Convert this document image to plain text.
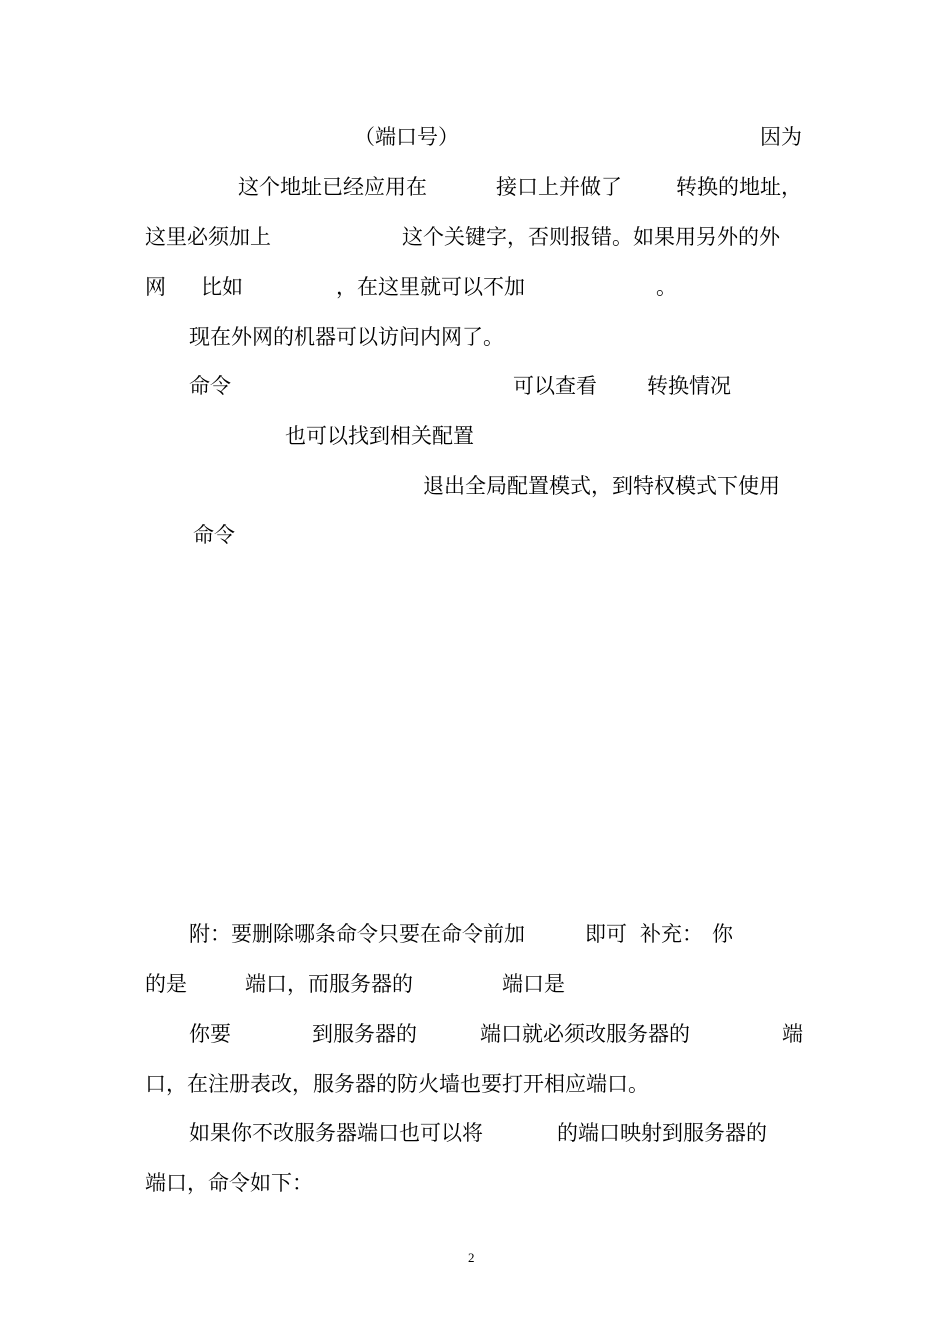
（端口号）	因为
这个地址已经应用在	接口上并做了	转换的地址，
这里必须加上	这个关键字，否则报错。如果用另外的外
网 比如	，在这里就可以不加	。
现在外网的机器可以访问内网了。
命令	可以查看 转换情况
也可以找到相关配置
退出全局配置模式，到特权模式下使用
命令
附：要删除哪条命令只要在命令前加	即可 补充： 你
的是	端口，而服务器的	端口是
你要	到服务器的	端口就必须改服务器的	端
口，在注册表改，服务器的防火墙也要打开相应端口。
如果你不改服务器端口也可以将	的端口映射到服务器的
端口，命令如下：
2
